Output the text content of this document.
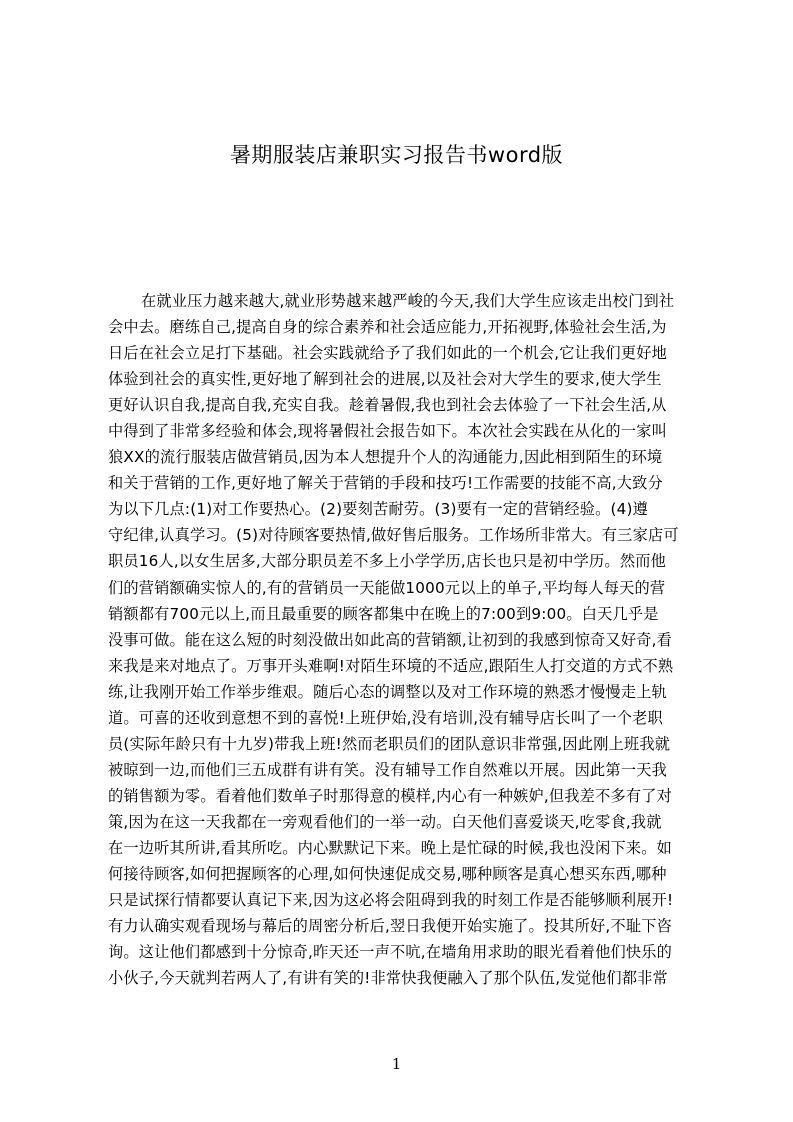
暑期服装店兼职实习报告书word版
在就业压力越来越大,就业形势越来越严峻的今天,我们大学生应该走出校门到社
会中去。磨练自己,提高自身的综合素养和社会适应能力,开拓视野,体验社会生活,为
日后在社会立足打下基础。社会实践就给予了我们如此的一个机会,它让我们更好地
体验到社会的真实性,更好地了解到社会的进展,以及社会对大学生的要求,使大学生
更好认识自我,提高自我,充实自我。趁着暑假,我也到社会去体验了一下社会生活,从
中得到了非常多经验和体会,现将暑假社会报告如下。本次社会实践在从化的一家叫
狼XX的流行服装店做营销员,因为本人想提升个人的沟通能力,因此相到陌生的环境
和关于营销的工作,更好地了解关于营销的手段和技巧!工作需要的技能不高,大致分
为以下几点:(1)对工作要热心。(2)要刻苦耐劳。(3)要有一定的营销经验。(4)遵
守纪律,认真学习。(5)对待顾客要热情,做好售后服务。工作场所非常大。有三家店可
职员16人,以女生居多,大部分职员差不多上小学学历,店长也只是初中学历。然而他
们的营销额确实惊人的,有的营销员一天能做1000元以上的单子,平均每人每天的营
销额都有700元以上,而且最重要的顾客都集中在晚上的7:00到9:00。白天几乎是
没事可做。能在这么短的时刻没做出如此高的营销额,让初到的我感到惊奇又好奇,看
来我是来对地点了。万事开头难啊!对陌生环境的不适应,跟陌生人打交道的方式不熟
练,让我刚开始工作举步维艰。随后心态的调整以及对工作环境的熟悉才慢慢走上轨
道。可喜的还收到意想不到的喜悦!上班伊始,没有培训,没有辅导店长叫了一个老职
员(实际年龄只有十九岁)带我上班!然而老职员们的团队意识非常强,因此刚上班我就
被晾到一边,而他们三五成群有讲有笑。没有辅导工作自然难以开展。因此第一天我
的销售额为零。看着他们数单子时那得意的模样,内心有一种嫉妒,但我差不多有了对
策,因为在这一天我都在一旁观看他们的一举一动。白天他们喜爱谈天,吃零食,我就
在一边听其所讲,看其所吃。内心默默记下来。晚上是忙碌的时候,我也没闲下来。如
何接待顾客,如何把握顾客的心理,如何快速促成交易,哪种顾客是真心想买东西,哪种
只是试探行情都要认真记下来,因为这必将会阻碍到我的时刻工作是否能够顺利展开!
有力认确实观看现场与幕后的周密分析后,翌日我便开始实施了。投其所好,不耻下咨
询。这让他们都感到十分惊奇,昨天还一声不吭,在墙角用求助的眼光看着他们快乐的
小伙子,今天就判若两人了,有讲有笑的!非常快我便融入了那个队伍,发觉他们都非常
1
